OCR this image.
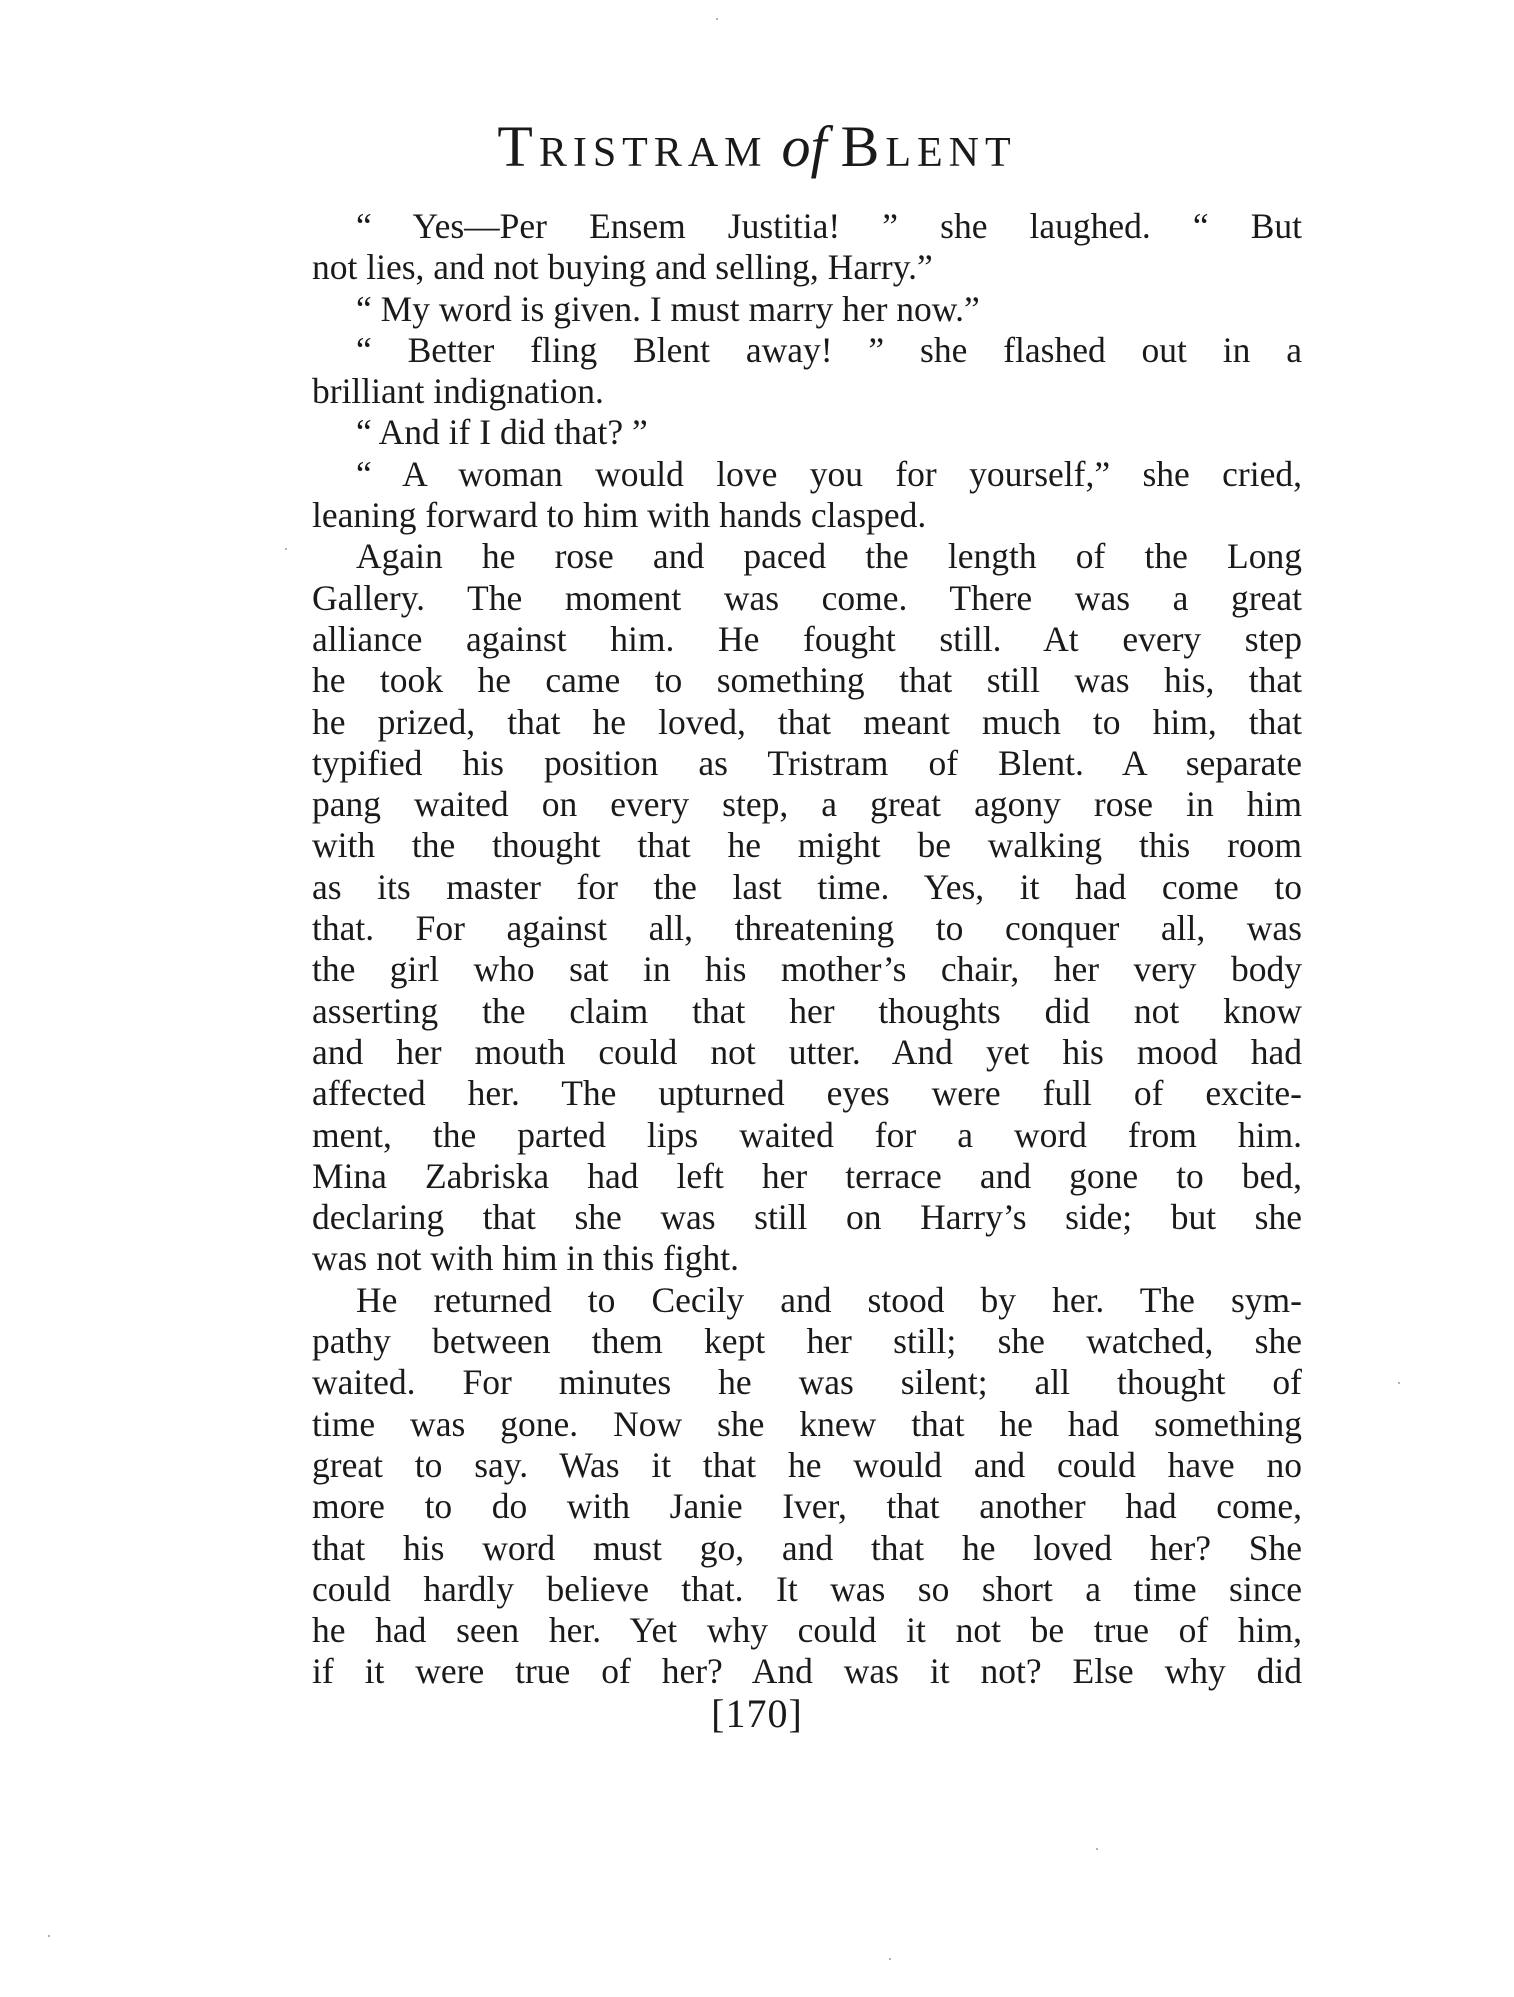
TRISTRAM of BLENT
“ Yes—Per Ensem Justitia! ” she laughed. “ But
not lies, and not buying and selling, Harry.”
“ My word is given. I must marry her now.”
“ Better fling Blent away! ” she flashed out in a
brilliant indignation.
“ And if I did that? ”
“ A woman would love you for yourself,” she cried,
leaning forward to him with hands clasped.
Again he rose and paced the length of the Long
Gallery. The moment was come. There was a great
alliance against him. He fought still. At every step
he took he came to something that still was his, that
he prized, that he loved, that meant much to him, that
typified his position as Tristram of Blent. A separate
pang waited on every step, a great agony rose in him
with the thought that he might be walking this room
as its master for the last time. Yes, it had come to
that. For against all, threatening to conquer all, was
the girl who sat in his mother’s chair, her very body
asserting the claim that her thoughts did not know
and her mouth could not utter. And yet his mood had
affected her. The upturned eyes were full of excite-
ment, the parted lips waited for a word from him.
Mina Zabriska had left her terrace and gone to bed,
declaring that she was still on Harry’s side; but she
was not with him in this fight.
He returned to Cecily and stood by her. The sym-
pathy between them kept her still; she watched, she
waited. For minutes he was silent; all thought of
time was gone. Now she knew that he had something
great to say. Was it that he would and could have no
more to do with Janie Iver, that another had come,
that his word must go, and that he loved her? She
could hardly believe that. It was so short a time since
he had seen her. Yet why could it not be true of him,
if it were true of her? And was it not? Else why did
[170]
